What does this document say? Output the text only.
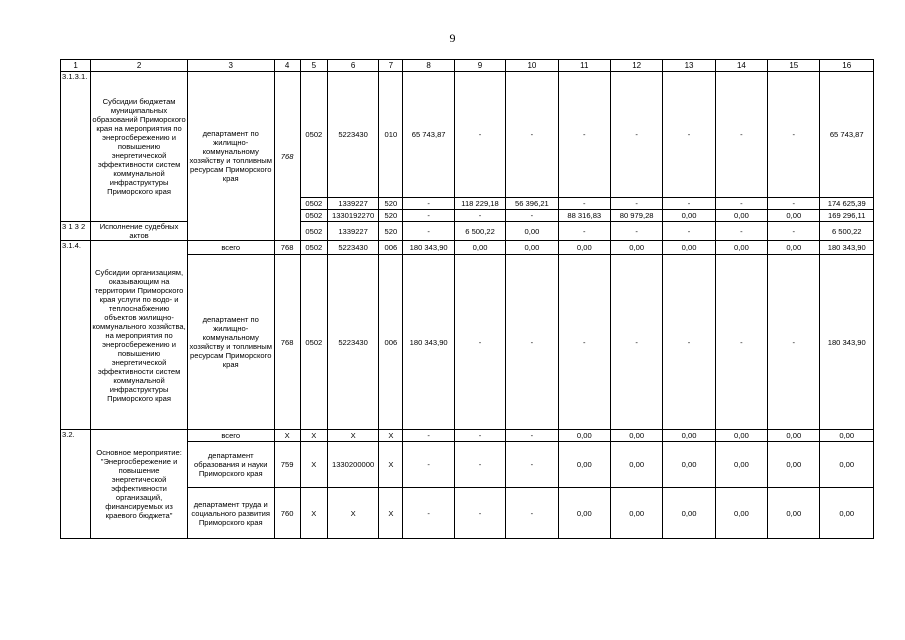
9
1	2	3	4	5	6	7	8	9	10	11	12	13	14	15	16
3.1.3.1.	Субсидии бюджетам муниципальных образований Приморского края на мероприятия по энергосбережению и повышению энергетической эффективности систем коммунальной инфраструктуры Приморского края	департамент по жилищно-коммунальному хозяйству и топливным ресурсам Приморского края	768	0502	5223430	010	65 743,87	-	-	-	-	-	-	-	65 743,87
				0502	1339227	520	-	118 229,18	56 396,21	-	-	-	-	-	174 625,39
				0502	1330192270	520	-	-	-	88 316,83	80 979,28	0,00	0,00	0,00	169 296,11
3 1 3 2	Исполнение судебных актов			0502	1339227	520	-	6 500,22	0,00	-	-	-	-	-	6 500,22
3.1.4.	Субсидии организациям, оказывающим на территории Приморского края услуги по водо- и теплоснабжению объектов жилищно-коммунального хозяйства, на мероприятия по энергосбережению и повышению энергетической эффективности систем коммунальной инфраструктуры Приморского края	всего	768	0502	5223430	006	180 343,90	0,00	0,00	0,00	0,00	0,00	0,00	0,00	180 343,90
		департамент по жилищно-коммунальному хозяйству и топливным ресурсам Приморского края	768	0502	5223430	006	180 343,90	-	-	-	-	-	-	-	180 343,90
3.2.	Основное мероприятие: "Энергосбережение и повышение энергетической эффективности организаций, финансируемых из краевого бюджета"	всего	X	X	X	X	-	-	-	0,00	0,00	0,00	0,00	0,00	0,00
		департамент образования и науки Приморского края	759	X	1330200000	X	-	-	-	0,00	0,00	0,00	0,00	0,00	0,00
		департамент труда и социального развития Приморского края	760	X	X	X	-	-	-	0,00	0,00	0,00	0,00	0,00	0,00
